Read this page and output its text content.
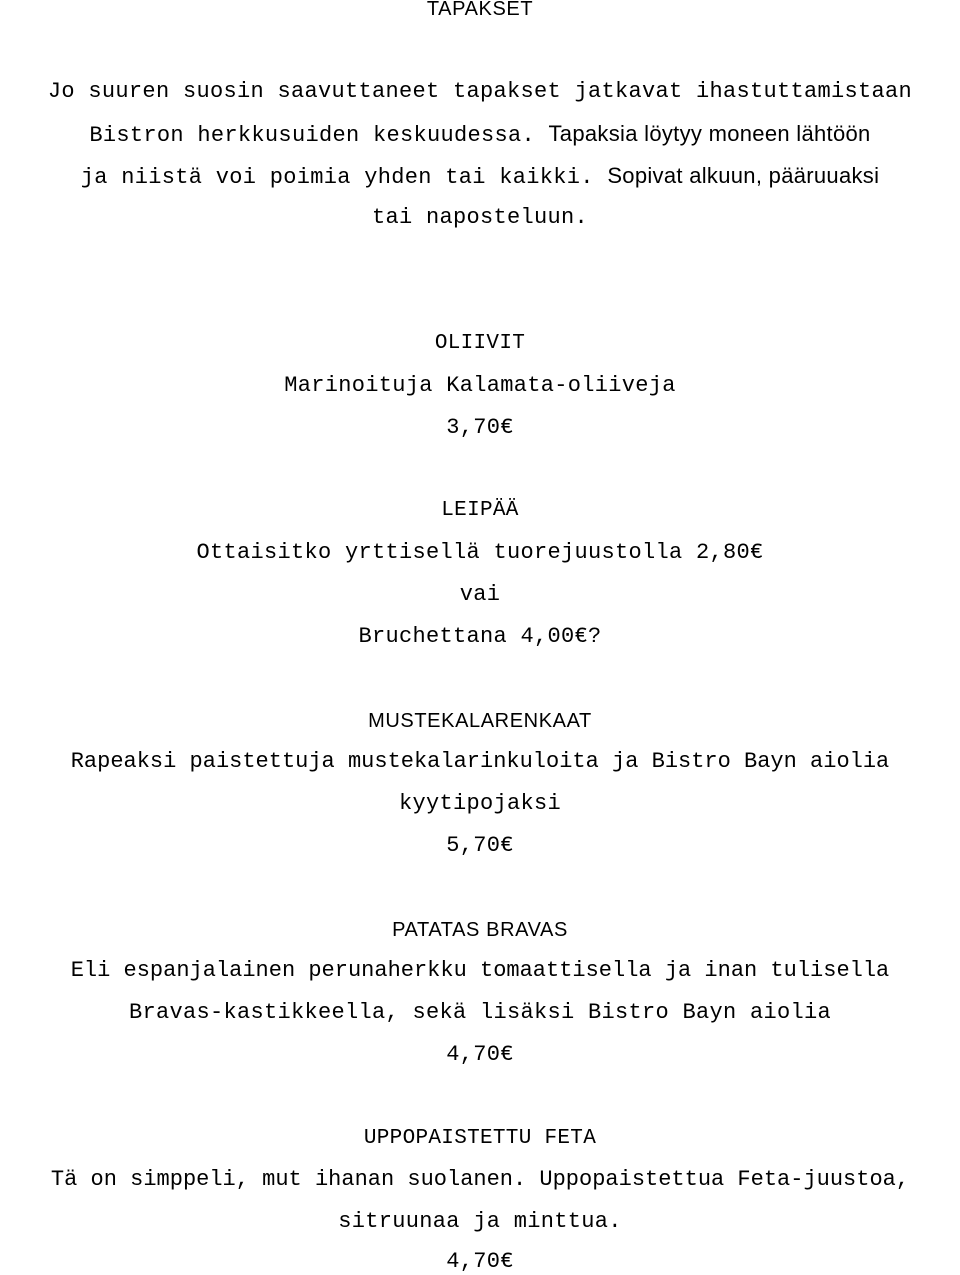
TAPAKSET
Jo suuren suosin saavuttaneet tapakset jatkavat ihastuttamistaan
Bistron herkkusuiden keskuudessa. Tapaksia löytyy moneen lähtöön
ja niistä voi poimia yhden tai kaikki. Sopivat alkuun, pääruuaksi
tai naposteluun.
OLIIVIT
Marinoituja Kalamata-oliiveja
3,70€
LEIPÄÄ
Ottaisitko yrttisellä tuorejuustolla 2,80€
vai
Bruchettana 4,00€?
MUSTEKALARENKAAT
Rapeaksi paistettuja mustekalarinkuloita ja Bistro Bayn aiolia
kyytipojaksi
5,70€
PATATAS BRAVAS
Eli espanjalainen perunaherkku tomaattisella ja inan tulisella
Bravas-kastikkeella, sekä lisäksi Bistro Bayn aiolia
4,70€
UPPOPAISTETTU FETA
Tä on simppeli, mut ihanan suolanen. Uppopaistettua Feta-juustoa,
sitruunaa ja minttua.
4,70€
